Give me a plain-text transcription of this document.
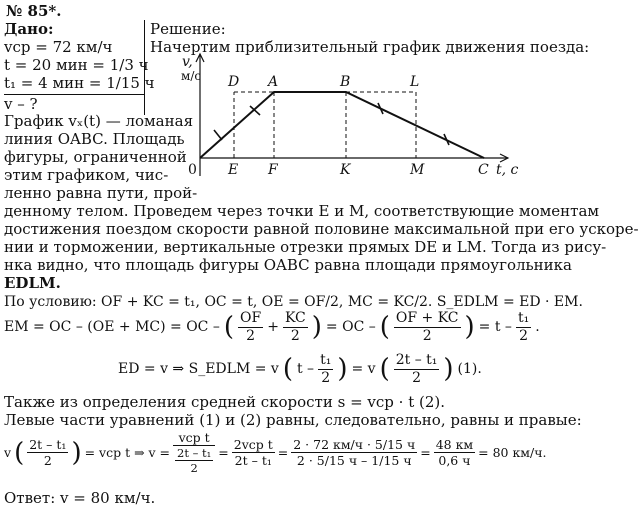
№ 85*.
Дано:
vср = 72 км/ч
t = 20 мин = 1/3 ч
t₁ = 4 мин = 1/15 ч
v – ?
Решение:
Начертим приблизительный график движения поезда:
График vₓ(t) — ломаная
линия OABC. Площадь
фигуры, ограниченной
этим графиком, чис-
ленно равна пути, прой-
v,
м/с
0 E F	K	M	C t, с
D A	B	L
денному телом. Проведем через точки E и M, соответствующие моментам
достижения поездом скорости равной половине максимальной при его ускоре-
нии и торможении, вертикальные отрезки прямых DE и LM. Тогда из рису-
нка видно, что площадь фигуры OABC равна площади прямоугольника
EDLM.
По условию: OF + KC = t₁, OC = t, OE = OF/2, MC = KC/2. S_EDLM = ED · EM.
EM = OC – (OE + MC) = OC – ( $\frac{OF}{2} + \frac{KC}{2}$ ) = OC – ( $\frac{OF + KC}{2}$ ) = t – $\frac{\text{t₁}}{2}$ .
ED = v ⇒ S_EDLM = v ( t – $\frac{\text{t₁}}{2}$ ) = v ( $\frac{\text{2t – t₁}}{2}$ ) (1).
Также из определения средней скорости s = vср · t (2).
Левые части уравнений (1) и (2) равны, следовательно, равны и правые:
v ( $\frac{\text{2t – t₁}}{2}$ ) = vср t ⇒ $v = \frac{\text{vср t}}{\frac{\text{2t – t₁}}{2}} = \frac{\text{2vср t}}{\text{2t – t₁}} = \frac{2 \cdot 72 км/ч \cdot 5/15 ч}{2 \cdot 5/15 ч - 1/15 ч} = \frac{48 км}{0,6 ч} = 80$ км/ч.
Ответ: v = 80 км/ч.
